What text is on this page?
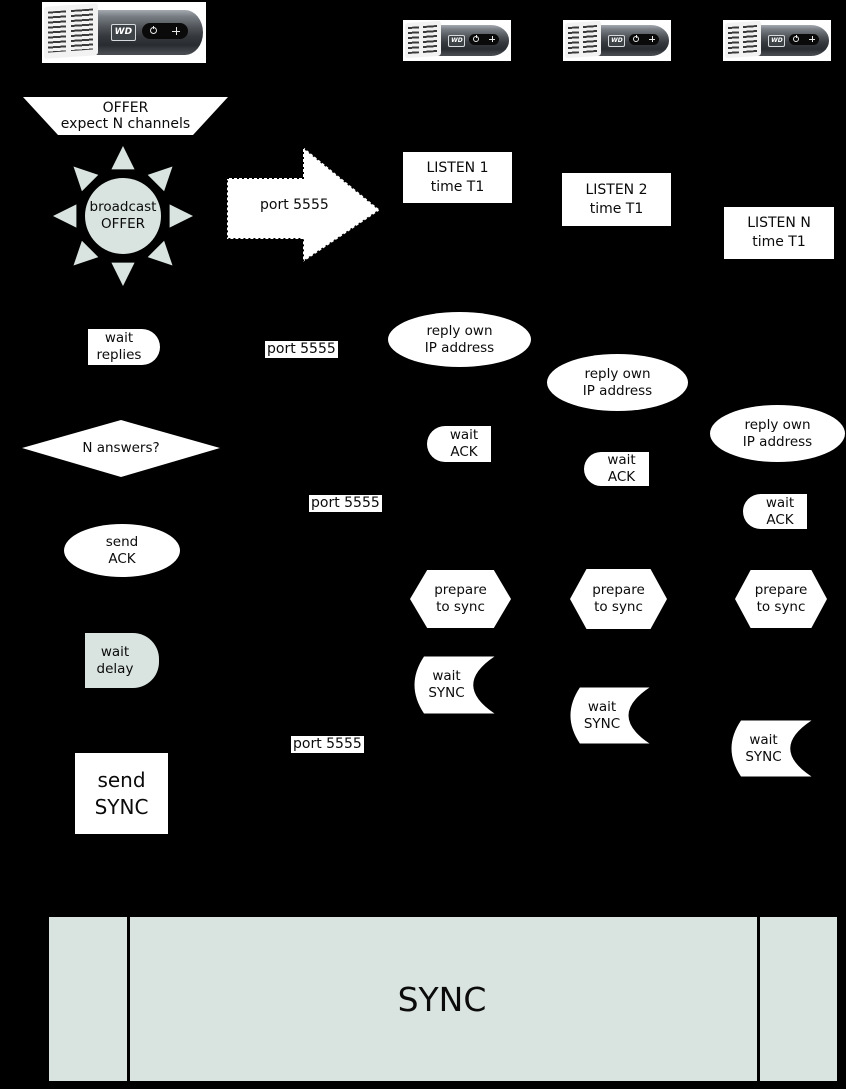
WD
WD	WD	WD
OFFER
expect N channels
broadcast
OFFER
port 5555
wait
replies
N answers?
send
ACK
wait
delay
send
SYNC
port 5555
port 5555
port 5555
LISTEN 1
time T1
reply own
IP address
wait
ACK
prepare
to sync
wait
SYNC
LISTEN 2
time T1
reply own
IP address
wait
ACK
prepare
to sync
wait
SYNC
LISTEN N
time T1
reply own
IP address
wait
ACK
prepare
to sync
wait
SYNC
SYNC
